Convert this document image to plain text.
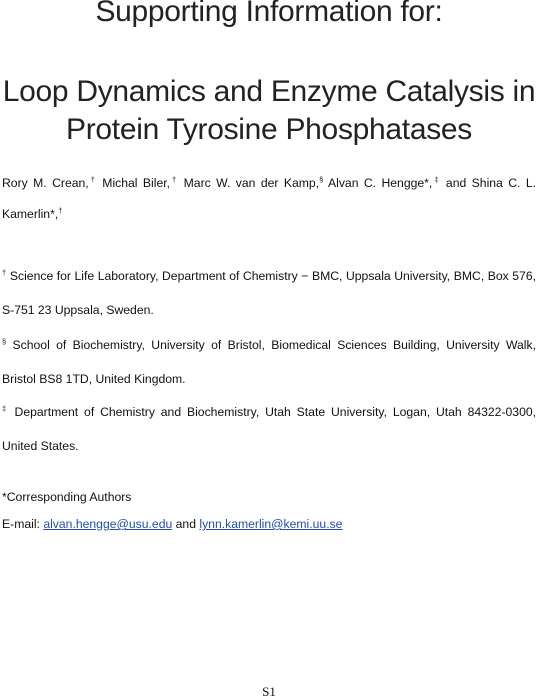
Supporting Information for:
Loop Dynamics and Enzyme Catalysis in
Protein Tyrosine Phosphatases
Rory M. Crean,† Michal Biler,† Marc W. van der Kamp,§ Alvan C. Hengge*,‡ and Shina C. L.
Kamerlin*,†
† Science for Life Laboratory, Department of Chemistry − BMC, Uppsala University, BMC, Box 576,
S-751 23 Uppsala, Sweden.
§ School of Biochemistry, University of Bristol, Biomedical Sciences Building, University Walk,
Bristol BS8 1TD, United Kingdom.
‡ Department of Chemistry and Biochemistry, Utah State University, Logan, Utah 84322-0300,
United States.
*Corresponding Authors
E-mail: alvan.hengge@usu.edu and lynn.kamerlin@kemi.uu.se
S1
